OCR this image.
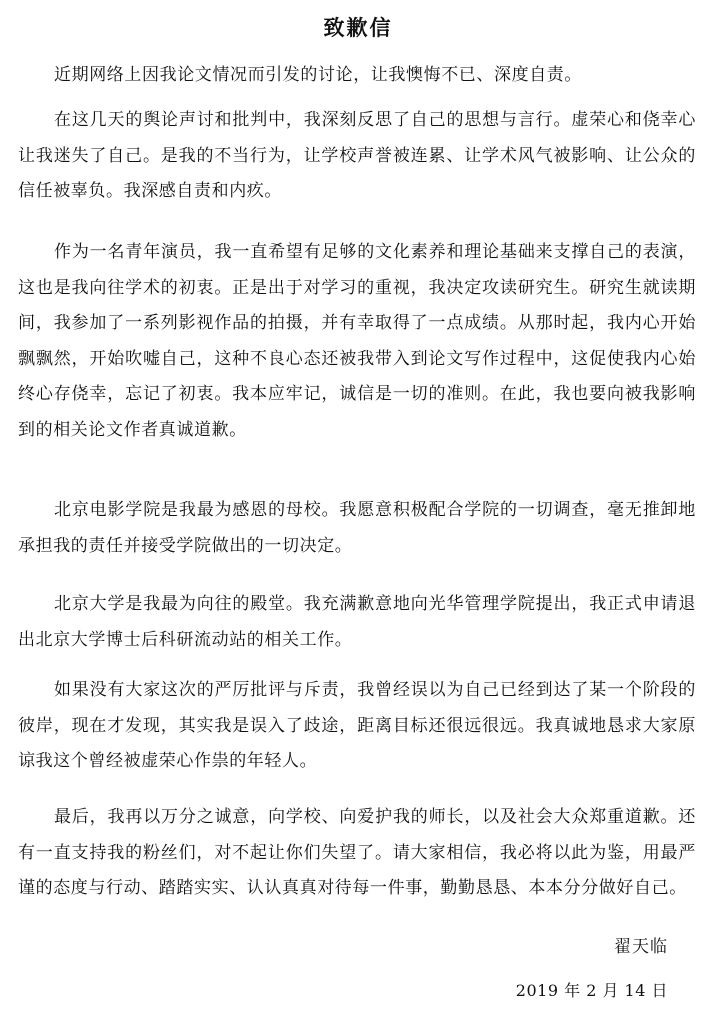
致歉信

近期网络上因我论文情况而引发的讨论，让我懊悔不已、深度自责。

在这几天的舆论声讨和批判中，我深刻反思了自己的思想与言行。虚荣心和侥幸心让我迷失了自己。是我的不当行为，让学校声誉被连累、让学术风气被影响、让公众的信任被辜负。我深感自责和内疚。

作为一名青年演员，我一直希望有足够的文化素养和理论基础来支撑自己的表演，这也是我向往学术的初衷。正是出于对学习的重视，我决定攻读研究生。研究生就读期间，我参加了一系列影视作品的拍摄，并有幸取得了一点成绩。从那时起，我内心开始飘飘然，开始吹嘘自己，这种不良心态还被我带入到论文写作过程中，这促使我内心始终心存侥幸，忘记了初衷。我本应牢记，诚信是一切的准则。在此，我也要向被我影响到的相关论文作者真诚道歉。

北京电影学院是我最为感恩的母校。我愿意积极配合学院的一切调查，毫无推卸地承担我的责任并接受学院做出的一切决定。

北京大学是我最为向往的殿堂。我充满歉意地向光华管理学院提出，我正式申请退出北京大学博士后科研流动站的相关工作。

如果没有大家这次的严厉批评与斥责，我曾经误以为自己已经到达了某一个阶段的彼岸，现在才发现，其实我是误入了歧途，距离目标还很远很远。我真诚地恳求大家原谅我这个曾经被虚荣心作祟的年轻人。

最后，我再以万分之诚意，向学校、向爱护我的师长，以及社会大众郑重道歉。还有一直支持我的粉丝们，对不起让你们失望了。请大家相信，我必将以此为鉴，用最严谨的态度与行动、踏踏实实、认认真真对待每一件事，勤勤恳恳、本本分分做好自己。

翟天临
2019 年 2 月 14 日
